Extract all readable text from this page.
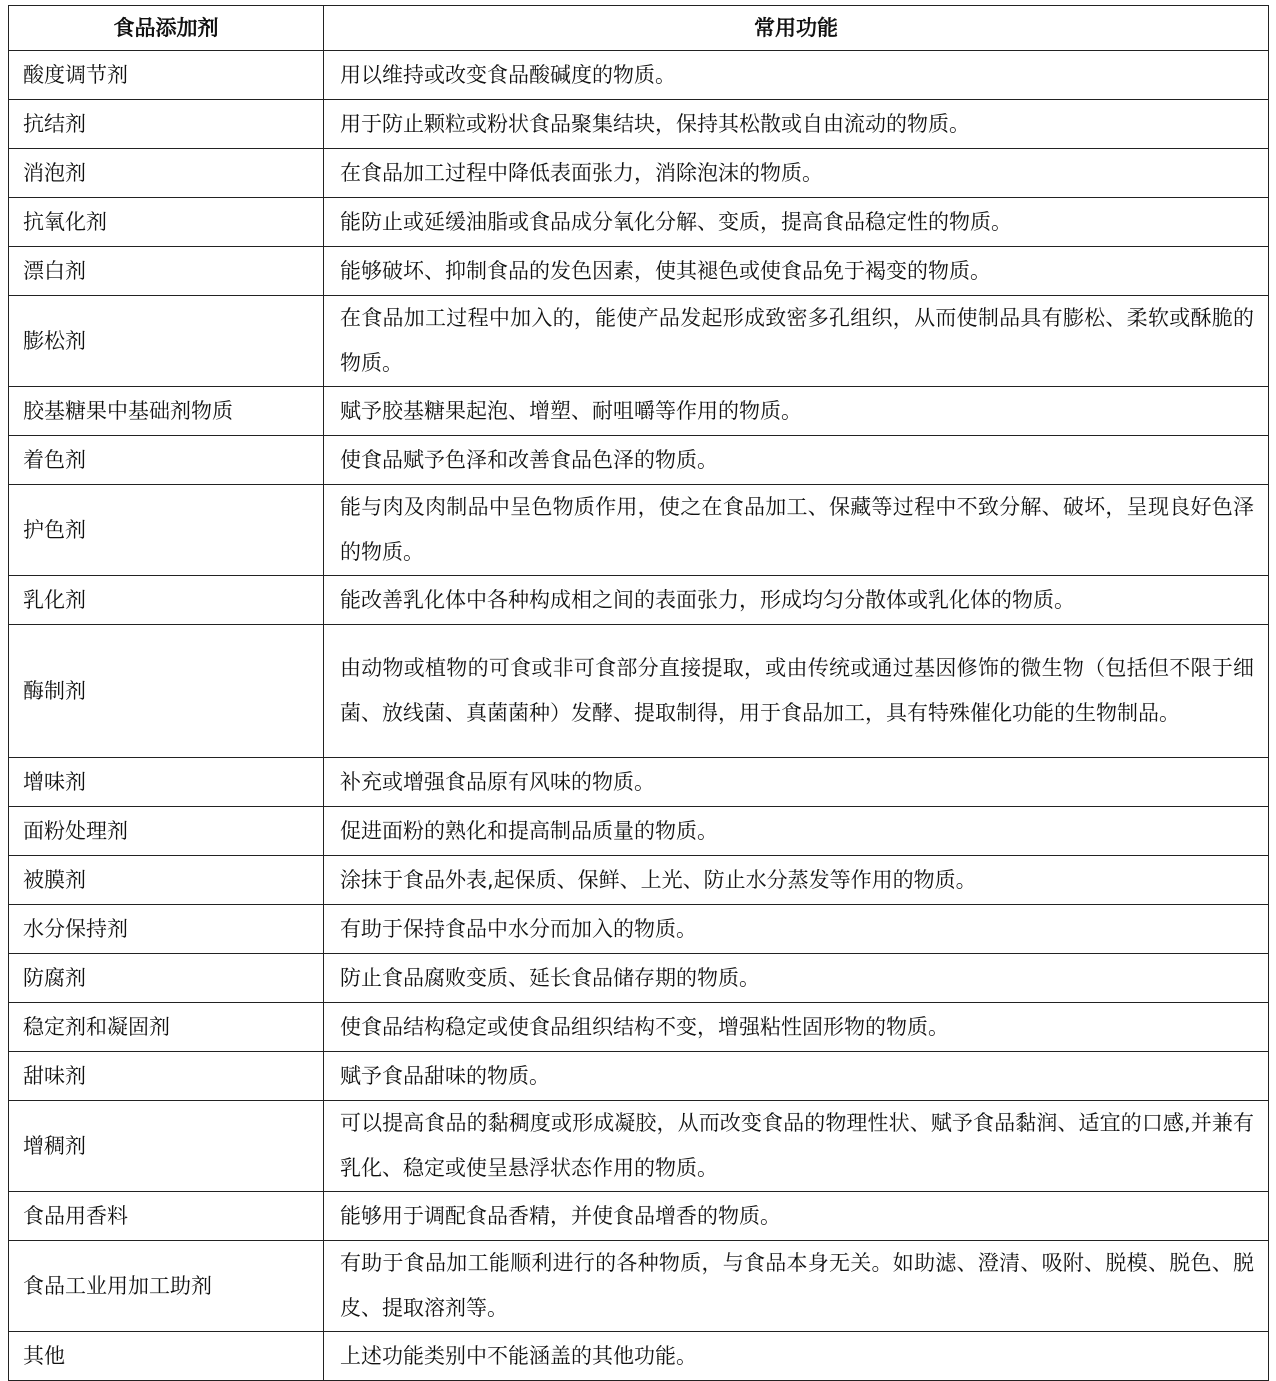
食品添加剂	常用功能
酸度调节剂	用以维持或改变食品酸碱度的物质。
抗结剂	用于防止颗粒或粉状食品聚集结块，保持其松散或自由流动的物质。
消泡剂	在食品加工过程中降低表面张力，消除泡沫的物质。
抗氧化剂	能防止或延缓油脂或食品成分氧化分解、变质，提高食品稳定性的物质。
漂白剂	能够破坏、抑制食品的发色因素，使其褪色或使食品免于褐变的物质。
膨松剂	在食品加工过程中加入的，能使产品发起形成致密多孔组织，从而使制品具有膨松、柔软或酥脆的物质。
胶基糖果中基础剂物质	赋予胶基糖果起泡、增塑、耐咀嚼等作用的物质。
着色剂	使食品赋予色泽和改善食品色泽的物质。
护色剂	能与肉及肉制品中呈色物质作用，使之在食品加工、保藏等过程中不致分解、破坏，呈现良好色泽的物质。
乳化剂	能改善乳化体中各种构成相之间的表面张力，形成均匀分散体或乳化体的物质。
酶制剂	由动物或植物的可食或非可食部分直接提取，或由传统或通过基因修饰的微生物（包括但不限于细菌、放线菌、真菌菌种）发酵、提取制得，用于食品加工，具有特殊催化功能的生物制品。
增味剂	补充或增强食品原有风味的物质。
面粉处理剂	促进面粉的熟化和提高制品质量的物质。
被膜剂	涂抹于食品外表,起保质、保鲜、上光、防止水分蒸发等作用的物质。
水分保持剂	有助于保持食品中水分而加入的物质。
防腐剂	防止食品腐败变质、延长食品储存期的物质。
稳定剂和凝固剂	使食品结构稳定或使食品组织结构不变，增强粘性固形物的物质。
甜味剂	赋予食品甜味的物质。
增稠剂	可以提高食品的黏稠度或形成凝胶，从而改变食品的物理性状、赋予食品黏润、适宜的口感,并兼有乳化、稳定或使呈悬浮状态作用的物质。
食品用香料	能够用于调配食品香精，并使食品增香的物质。
食品工业用加工助剂	有助于食品加工能顺利进行的各种物质，与食品本身无关。如助滤、澄清、吸附、脱模、脱色、脱皮、提取溶剂等。
其他	上述功能类别中不能涵盖的其他功能。
